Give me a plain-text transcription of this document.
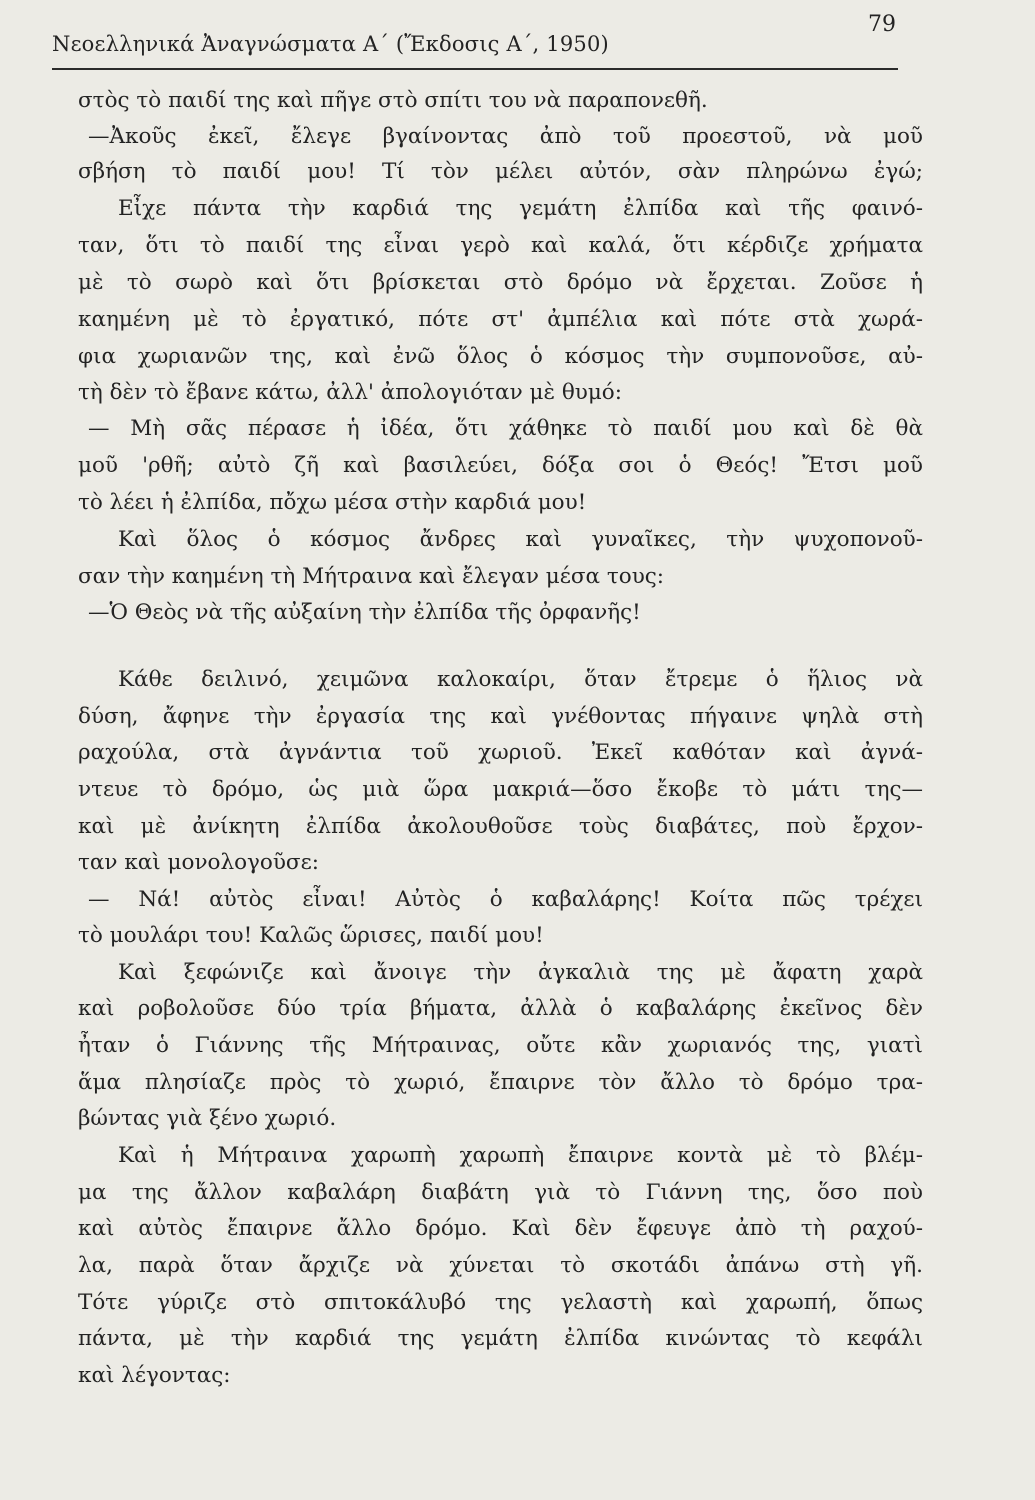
Νεοελληνικά Ἀναγνώσματα Α΄ (Ἔκδοσις Α΄, 1950)
79
στὸς τὸ παιδί της καὶ πῆγε στὸ σπίτι του νὰ παραπονεθῆ.
—Ἀκοῦς ἐκεῖ, ἔλεγε βγαίνοντας ἀπὸ τοῦ προεστοῦ, νὰ μοῦ
σβήση τὸ παιδί μου! Τί τὸν μέλει αὐτόν, σὰν πληρώνω ἐγώ;
Εἶχε πάντα τὴν καρδιά της γεμάτη ἐλπίδα καὶ τῆς φαινό-
ταν, ὅτι τὸ παιδί της εἶναι γερὸ καὶ καλά, ὅτι κέρδιζε χρήματα
μὲ τὸ σωρὸ καὶ ὅτι βρίσκεται στὸ δρόμο νὰ ἔρχεται. Ζοῦσε ἡ
καημένη μὲ τὸ ἐργατικό, πότε στ' ἀμπέλια καὶ πότε στὰ χωρά-
φια χωριανῶν της, καὶ ἐνῶ ὅλος ὁ κόσμος τὴν συμπονοῦσε, αὐ-
τὴ δὲν τὸ ἔβανε κάτω, ἀλλ' ἀπολογιόταν μὲ θυμό:
— Μὴ σᾶς πέρασε ἡ ἰδέα, ὅτι χάθηκε τὸ παιδί μου καὶ δὲ θὰ
μοῦ 'ρθῆ; αὐτὸ ζῆ καὶ βασιλεύει, δόξα σοι ὁ Θεός! Ἔτσι μοῦ
τὸ λέει ἡ ἐλπίδα, πὄχω μέσα στὴν καρδιά μου!
Καὶ ὅλος ὁ κόσμος ἄνδρες καὶ γυναῖκες, τὴν ψυχοπονοῦ-
σαν τὴν καημένη τὴ Μήτραινα καὶ ἔλεγαν μέσα τους:
—Ὁ Θεὸς νὰ τῆς αὐξαίνη τὴν ἐλπίδα τῆς ὀρφανῆς!
Κάθε δειλινό, χειμῶνα καλοκαίρι, ὅταν ἔτρεμε ὁ ἥλιος νὰ
δύση, ἄφηνε τὴν ἐργασία της καὶ γνέθοντας πήγαινε ψηλὰ στὴ
ραχούλα, στὰ ἀγνάντια τοῦ χωριοῦ. Ἐκεῖ καθόταν καὶ ἀγνά-
ντευε τὸ δρόμο, ὡς μιὰ ὥρα μακριά—ὅσο ἔκοβε τὸ μάτι της—
καὶ μὲ ἀνίκητη ἐλπίδα ἀκολουθοῦσε τοὺς διαβάτες, ποὺ ἔρχον-
ταν καὶ μονολογοῦσε:
— Νά! αὐτὸς εἶναι! Αὐτὸς ὁ καβαλάρης! Κοίτα πῶς τρέχει
τὸ μουλάρι του! Καλῶς ὥρισες, παιδί μου!
Καὶ ξεφώνιζε καὶ ἄνοιγε τὴν ἀγκαλιὰ της μὲ ἄφατη χαρὰ
καὶ ροβολοῦσε δύο τρία βήματα, ἀλλὰ ὁ καβαλάρης ἐκεῖνος δὲν
ἦταν ὁ Γιάννης τῆς Μήτραινας, οὔτε κἂν χωριανός της, γιατὶ
ἅμα πλησίαζε πρὸς τὸ χωριό, ἔπαιρνε τὸν ἄλλο τὸ δρόμο τρα-
βώντας γιὰ ξένο χωριό.
Καὶ ἡ Μήτραινα χαρωπὴ χαρωπὴ ἔπαιρνε κοντὰ μὲ τὸ βλέμ-
μα της ἄλλον καβαλάρη διαβάτη γιὰ τὸ Γιάννη της, ὅσο ποὺ
καὶ αὐτὸς ἔπαιρνε ἄλλο δρόμο. Καὶ δὲν ἔφευγε ἀπὸ τὴ ραχού-
λα, παρὰ ὅταν ἄρχιζε νὰ χύνεται τὸ σκοτάδι ἀπάνω στὴ γῆ.
Τότε γύριζε στὸ σπιτοκάλυβό της γελαστὴ καὶ χαρωπή, ὅπως
πάντα, μὲ τὴν καρδιά της γεμάτη ἐλπίδα κινώντας τὸ κεφάλι
καὶ λέγοντας:
